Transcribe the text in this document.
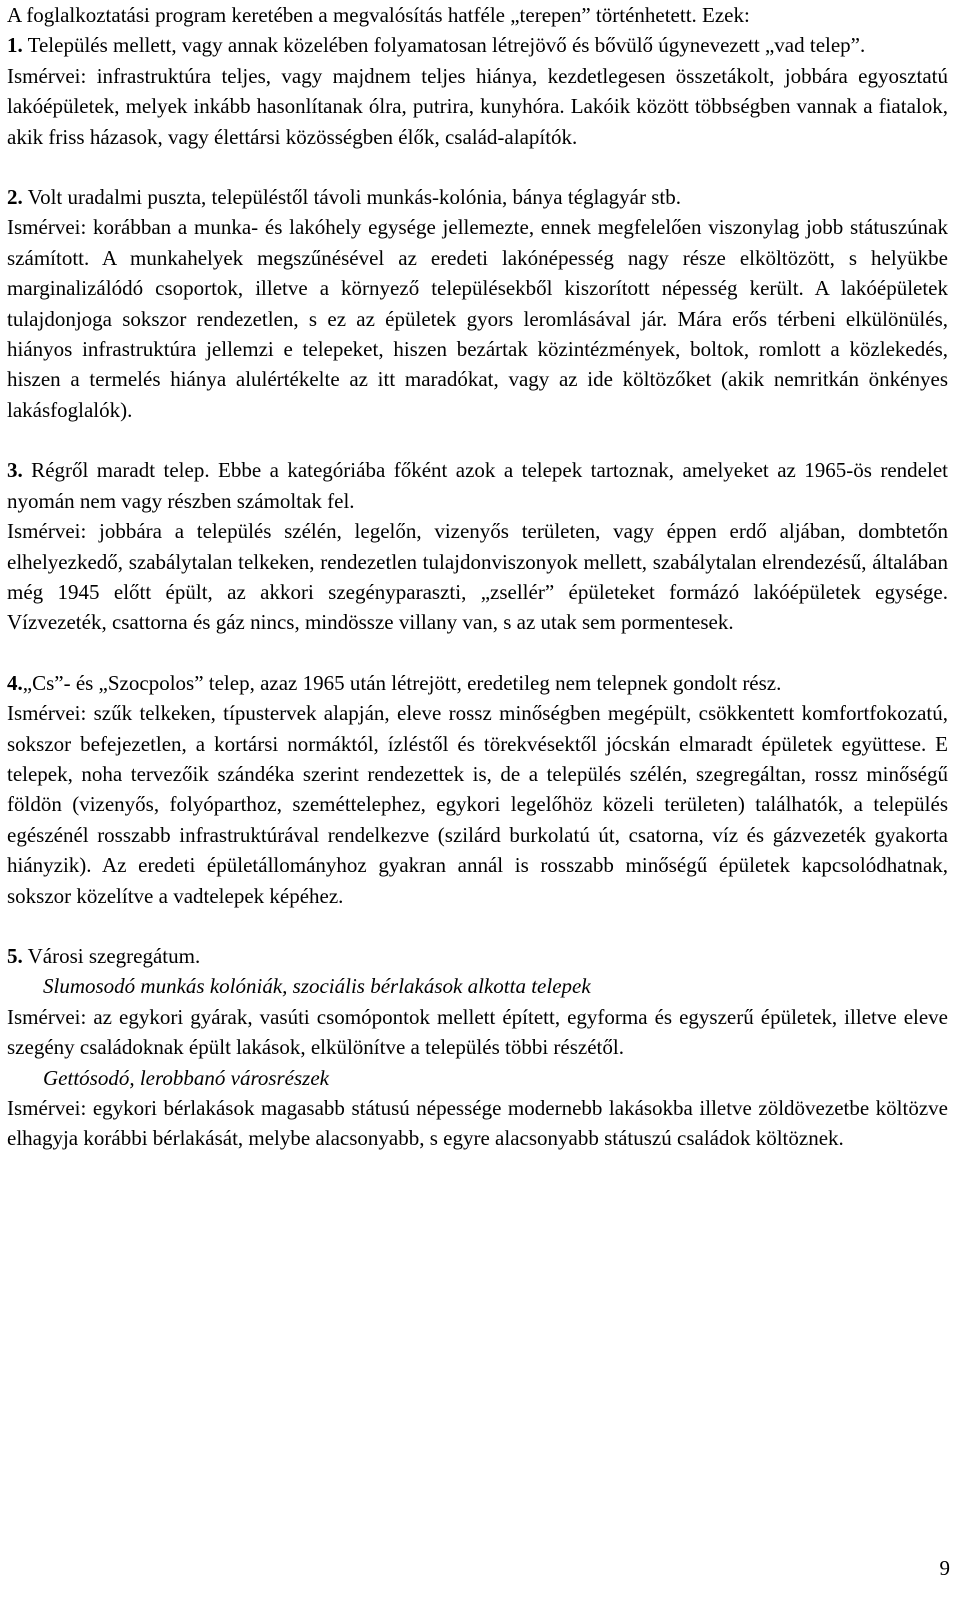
A foglalkoztatási program keretében a megvalósítás hatféle „terepen” történhetett. Ezek:

1. Település mellett, vagy annak közelében folyamatosan létrejövő és bővülő úgynevezett „vad telep”.

Ismérvei: infrastruktúra teljes, vagy majdnem teljes hiánya, kezdetlegesen összetákolt, jobbára egyosztatú lakóépületek, melyek inkább hasonlítanak ólra, putrira, kunyhóra. Lakóik között többségben vannak a fiatalok, akik friss házasok, vagy élettársi közösségben élők, család-alapítók.

2. Volt uradalmi puszta, településtől távoli munkás-kolónia, bánya téglagyár stb.

Ismérvei: korábban a munka- és lakóhely egysége jellemezte, ennek megfelelően viszonylag jobb státuszúnak számított. A munkahelyek megszűnésével az eredeti lakónépesség nagy része elköltözött, s helyükbe marginalizálódó csoportok, illetve a környező településekből kiszorított népesség került. A lakóépületek tulajdonjoga sokszor rendezetlen, s ez az épületek gyors leromlásával jár. Mára erős térbeni elkülönülés, hiányos infrastruktúra jellemzi e telepeket, hiszen bezártak közintézmények, boltok, romlott a közlekedés, hiszen a termelés hiánya alulértékelte az itt maradókat, vagy az ide költözőket (akik nemritkán önkényes lakásfoglalók).

3. Régről maradt telep. Ebbe a kategóriába főként azok a telepek tartoznak, amelyeket az 1965-ös rendelet nyomán nem vagy részben számoltak fel.

Ismérvei: jobbára a település szélén, legelőn, vizenyős területen, vagy éppen erdő aljában, dombtetőn elhelyezkedő, szabálytalan telkeken, rendezetlen tulajdonviszonyok mellett, szabálytalan elrendezésű, általában még 1945 előtt épült, az akkori szegényparaszti, „zsellér” épületeket formázó lakóépületek egysége. Vízvezeték, csattorna és gáz nincs, mindössze villany van, s az utak sem pormentesek.

4.„Cs”- és „Szocpolos” telep, azaz 1965 után létrejött, eredetileg nem telepnek gondolt rész.

Ismérvei: szűk telkeken, típustervek alapján, eleve rossz minőségben megépült, csökkentett komfortfokozatú, sokszor befejezetlen, a kortársi normáktól, ízléstől és törekvésektől jócskán elmaradt épületek együttese. E telepek, noha tervezőik szándéka szerint rendezettek is, de a település szélén, szegregáltan, rossz minőségű földön (vizenyős, folyóparthoz, szeméttelephez, egykori legelőhöz közeli területen) találhatók, a település egészénél rosszabb infrastruktúrával rendelkezve (szilárd burkolatú út, csatorna, víz és gázvezeték gyakorta hiányzik). Az eredeti épületállományhoz gyakran annál is rosszabb minőségű épületek kapcsolódhatnak, sokszor közelítve a vadtelepek képéhez.

5. Városi szegregátum.

Slumosodó munkás kolóniák, szociális bérlakások alkotta telepek

Ismérvei: az egykori gyárak, vasúti csomópontok mellett épített, egyforma és egyszerű épületek, illetve eleve szegény családoknak épült lakások, elkülönítve a település többi részétől.

Gettósodó, lerobbanó városrészek

Ismérvei: egykori bérlakások magasabb státusú népessége modernebb lakásokba illetve zöldövezetbe költözve elhagyja korábbi bérlakását, melybe alacsonyabb, s egyre alacsonyabb státuszú családok költöznek.

9
